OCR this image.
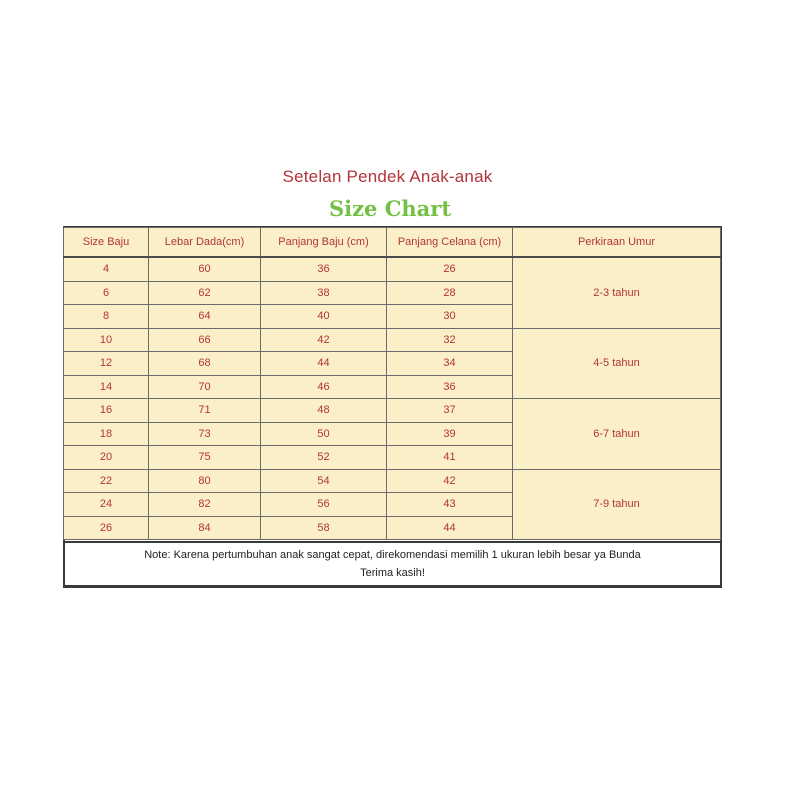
Setelan Pendek Anak-anak
Size Chart
Size Baju	Lebar Dada(cm)	Panjang Baju (cm)	Panjang Celana (cm)	Perkiraan Umur
4	60	36	26	2-3 tahun
6	62	38	28	
8	64	40	30	
10	66	42	32	4-5 tahun
12	68	44	34	
14	70	46	36	
16	71	48	37	6-7 tahun
18	73	50	39	
20	75	52	41	
22	80	54	42	7-9 tahun
24	82	56	43	
26	84	58	44	
Note: Karena pertumbuhan anak sangat cepat, direkomendasi memilih 1 ukuran lebih besar ya Bunda
Terima kasih!
